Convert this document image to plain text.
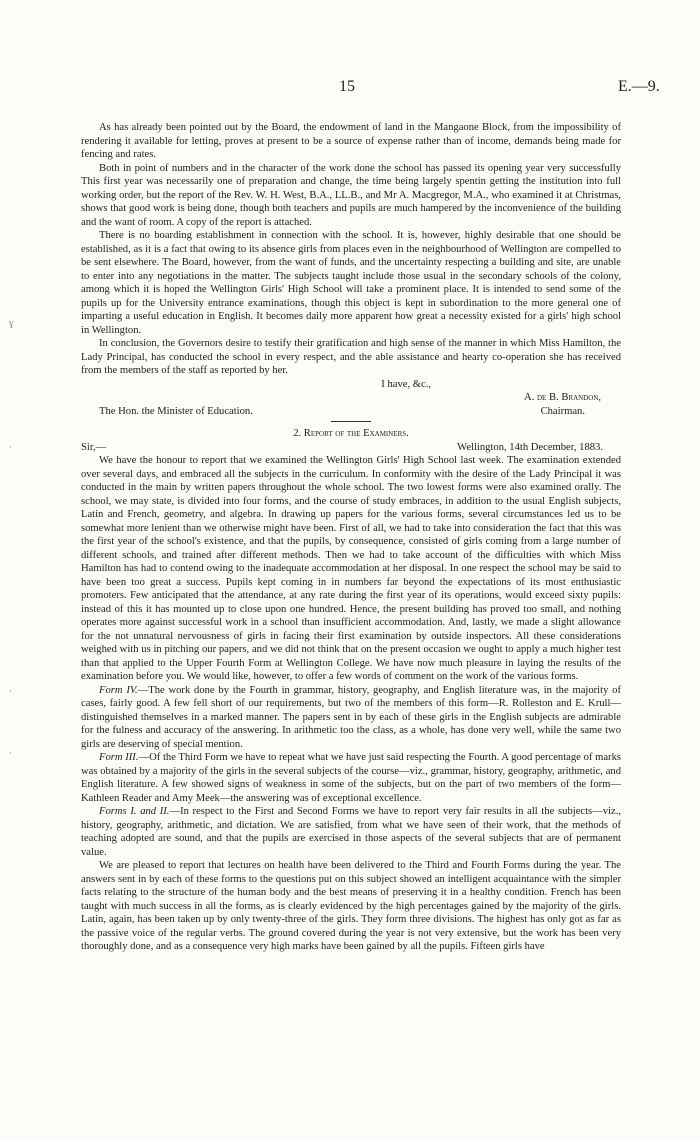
ɣ
·
·
·
15	E.—9.

As has already been pointed out by the Board, the endowment of land in the Mangaone Block, from the impossibility of rendering it available for letting, proves at present to be a source of expense rather than of income, demands being made for fencing and rates.

Both in point of numbers and in the character of the work done the school has passed its opening year very successfully This first year was necessarily one of preparation and change, the time being largely spentin getting the institution into full working order, but the report of the Rev. W. H. West, B.A., LL.B., and Mr A. Macgregor, M.A., who examined it at Christmas, shows that good work is being done, though both teachers and pupils are much hampered by the inconvenience of the building and the want of room. A copy of the report is attached.

There is no boarding establishment in connection with the school. It is, however, highly desirable that one should be established, as it is a fact that owing to its absence girls from places even in the neighbourhood of Wellington are compelled to be sent elsewhere. The Board, however, from the want of funds, and the uncertainty respecting a building and site, are unable to enter into any negotiations in the matter. The subjects taught include those usual in the secondary schools of the colony, among which it is hoped the Wellington Girls' High School will take a prominent place. It is intended to send some of the pupils up for the University entrance examinations, though this object is kept in subordination to the more general one of imparting a useful education in English. It becomes daily more apparent how great a necessity existed for a girls' high school in Wellington.

In conclusion, the Governors desire to testify their gratification and high sense of the manner in which Miss Hamilton, the Lady Principal, has conducted the school in every respect, and the able assistance and hearty co-operation she has received from the members of the staff as reported by her.

I have, &c.,
A. de B. Brandon,
The Hon. the Minister of Education.	Chairman.
2. Report of the Examiners.
Sir,—	Wellington, 14th December, 1883.

We have the honour to report that we examined the Wellington Girls' High School last week. The examination extended over several days, and embraced all the subjects in the curriculum. In conformity with the desire of the Lady Principal it was conducted in the main by written papers throughout the whole school. The two lowest forms were also examined orally. The school, we may state, is divided into four forms, and the course of study embraces, in addition to the usual English subjects, Latin and French, geometry, and algebra. In drawing up papers for the various forms, several circumstances led us to be somewhat more lenient than we otherwise might have been. First of all, we had to take into consideration the fact that this was the first year of the school's existence, and that the pupils, by consequence, consisted of girls coming from a large number of different schools, and trained after different methods. Then we had to take account of the difficulties with which Miss Hamilton has had to contend owing to the inadequate accommodation at her disposal. In one respect the school may be said to have been too great a success. Pupils kept coming in in numbers far beyond the expectations of its most enthusiastic promoters. Few anticipated that the attendance, at any rate during the first year of its operations, would exceed sixty pupils: instead of this it has mounted up to close upon one hundred. Hence, the present building has proved too small, and nothing operates more against successful work in a school than insufficient accommodation. And, lastly, we made a slight allowance for the not unnatural nervousness of girls in facing their first examination by outside inspectors. All these considerations weighed with us in pitching our papers, and we did not think that on the present occasion we ought to apply a much higher test than that applied to the Upper Fourth Form at Wellington College. We have now much pleasure in laying the results of the examination before you. We would like, however, to offer a few words of comment on the work of the various forms.

Form IV.—The work done by the Fourth in grammar, history, geography, and English literature was, in the majority of cases, fairly good. A few fell short of our requirements, but two of the members of this form—R. Rolleston and E. Krull—distinguished themselves in a marked manner. The papers sent in by each of these girls in the English subjects are admirable for the fulness and accuracy of the answering. In arithmetic too the class, as a whole, has done very well, while the same two girls are deserving of special mention.

Form III.—Of the Third Form we have to repeat what we have just said respecting the Fourth. A good percentage of marks was obtained by a majority of the girls in the several subjects of the course—viz., grammar, history, geography, arithmetic, and English literature. A few showed signs of weakness in some of the subjects, but on the part of two members of the form—Kathleen Reader and Amy Meek—the answering was of exceptional excellence.

Forms I. and II.—In respect to the First and Second Forms we have to report very fair results in all the subjects—viz., history, geography, arithmetic, and dictation. We are satisfied, from what we have seen of their work, that the methods of teaching adopted are sound, and that the pupils are exercised in those aspects of the several subjects that are of permanent value.

We are pleased to report that lectures on health have been delivered to the Third and Fourth Forms during the year. The answers sent in by each of these forms to the questions put on this subject showed an intelligent acquaintance with the simpler facts relating to the structure of the human body and the best means of preserving it in a healthy condition. French has been taught with much success in all the forms, as is clearly evidenced by the high percentages gained by the majority of the girls. Latin, again, has been taken up by only twenty-three of the girls. They form three divisions. The highest has only got as far as the passive voice of the regular verbs. The ground covered during the year is not very extensive, but the work has been very thoroughly done, and as a consequence very high marks have been gained by all the pupils. Fifteen girls have
